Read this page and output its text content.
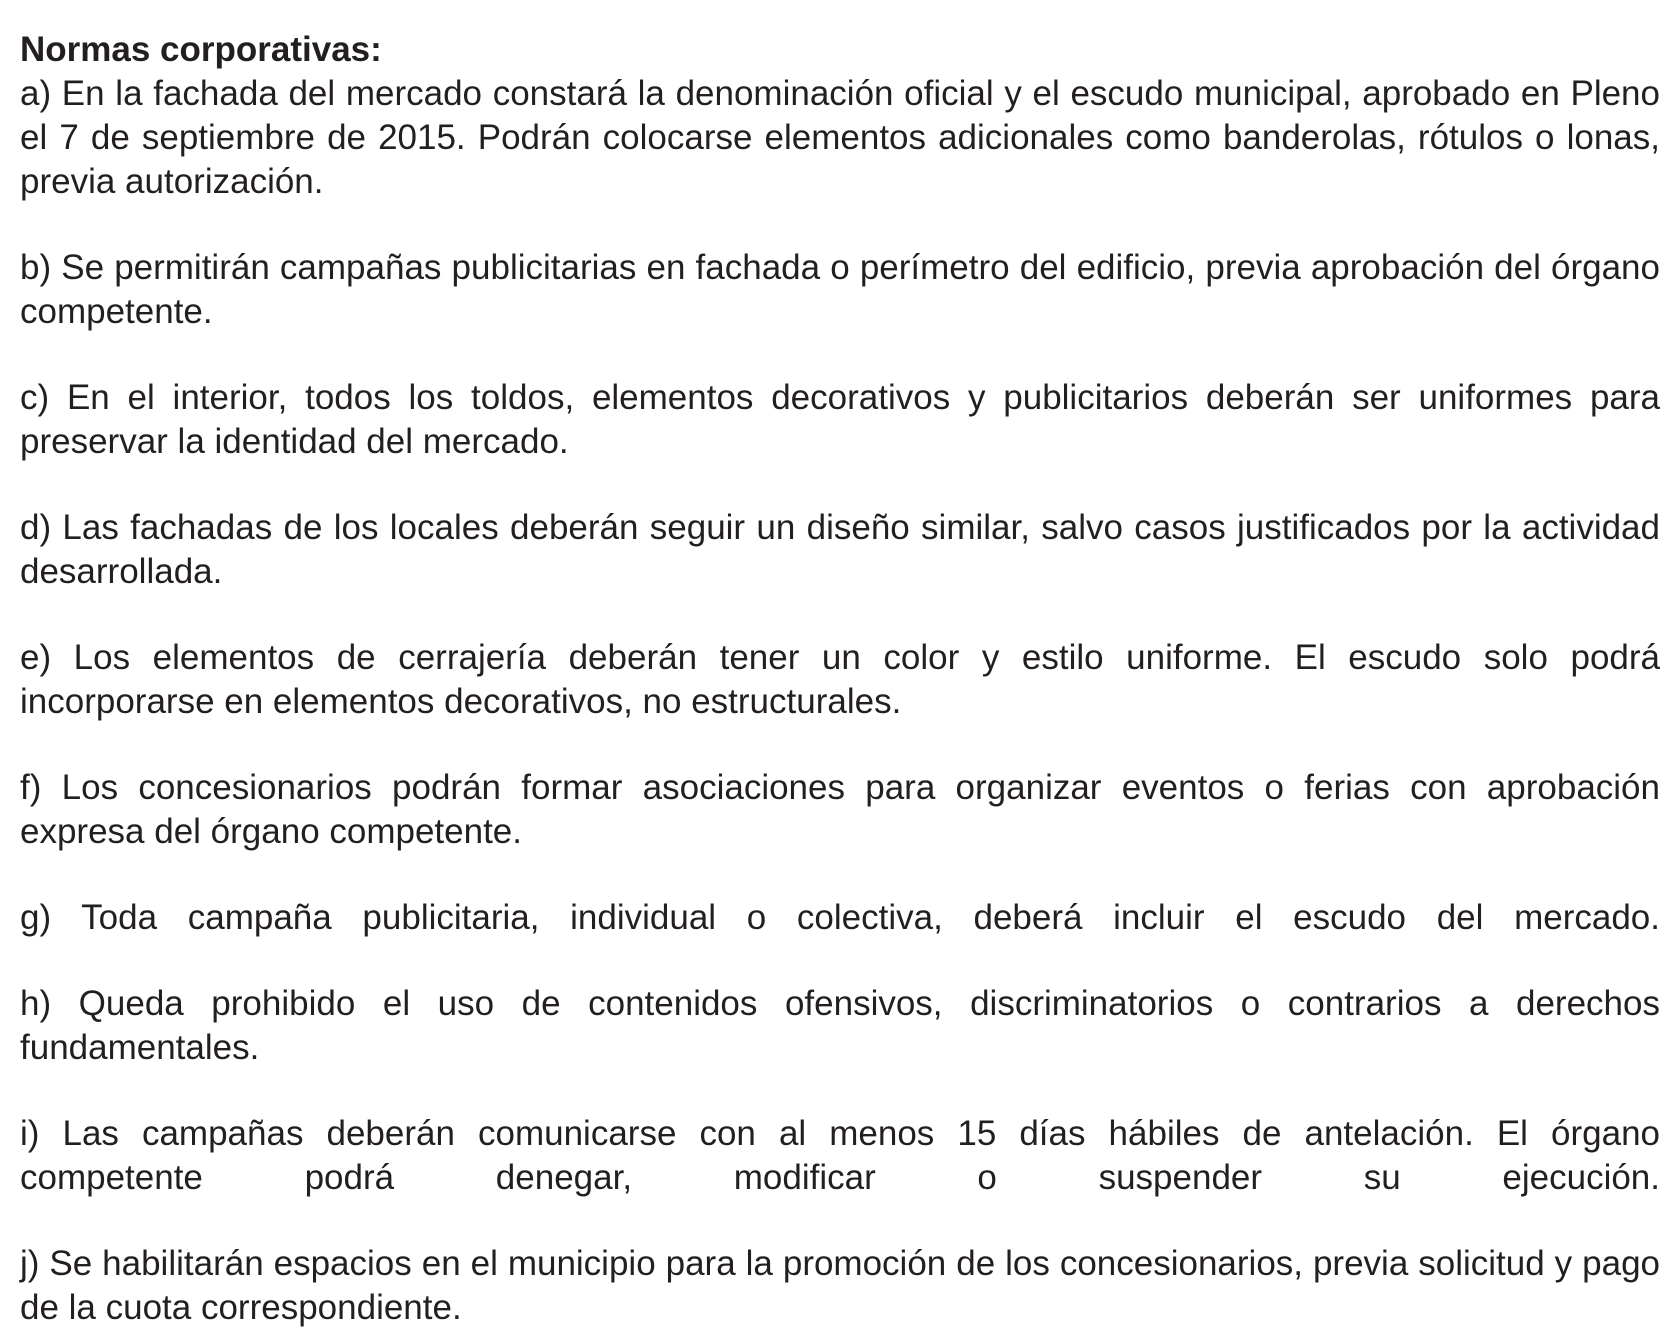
Normas corporativas:

a) En la fachada del mercado constará la denominación oficial y el escudo municipal, aprobado en Pleno el 7 de septiembre de 2015. Podrán colocarse elementos adicionales como banderolas, rótulos o lonas, previa autorización.

b) Se permitirán campañas publicitarias en fachada o perímetro del edificio, previa aprobación del órgano competente.

c) En el interior, todos los toldos, elementos decorativos y publicitarios deberán ser uniformes para preservar la identidad del mercado.

d) Las fachadas de los locales deberán seguir un diseño similar, salvo casos justificados por la actividad desarrollada.

e) Los elementos de cerrajería deberán tener un color y estilo uniforme. El escudo solo podrá incorporarse en elementos decorativos, no estructurales.

f) Los concesionarios podrán formar asociaciones para organizar eventos o ferias con aprobación expresa del órgano competente.

g) Toda campaña publicitaria, individual o colectiva, deberá incluir el escudo del mercado.

h) Queda prohibido el uso de contenidos ofensivos, discriminatorios o contrarios a derechos fundamentales.

i) Las campañas deberán comunicarse con al menos 15 días hábiles de antelación. El órgano competente podrá denegar, modificar o suspender su ejecución.

j) Se habilitarán espacios en el municipio para la promoción de los concesionarios, previa solicitud y pago de la cuota correspondiente.
